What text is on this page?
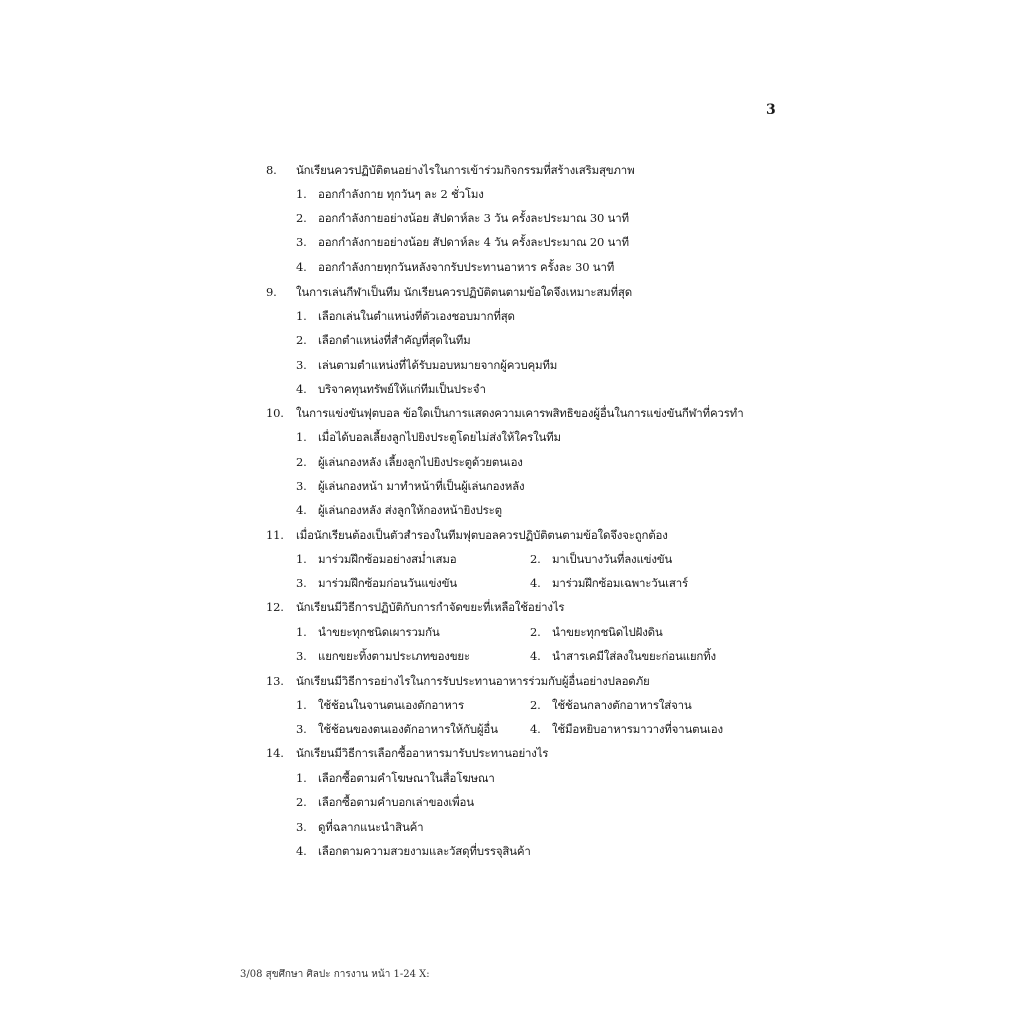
3
8. นักเรียนควรปฏิบัติตนอย่างไรในการเข้าร่วมกิจกรรมที่สร้างเสริมสุขภาพ
1. ออกกำลังกาย ทุกวันๆ ละ 2 ชั่วโมง
2. ออกกำลังกายอย่างน้อย สัปดาห์ละ 3 วัน ครั้งละประมาณ 30 นาที
3. ออกกำลังกายอย่างน้อย สัปดาห์ละ 4 วัน ครั้งละประมาณ 20 นาที
4. ออกกำลังกายทุกวันหลังจากรับประทานอาหาร ครั้งละ 30 นาที
9. ในการเล่นกีฬาเป็นทีม นักเรียนควรปฏิบัติตนตามข้อใดจึงเหมาะสมที่สุด
1. เลือกเล่นในตำแหน่งที่ตัวเองชอบมากที่สุด
2. เลือกตำแหน่งที่สำคัญที่สุดในทีม
3. เล่นตามตำแหน่งที่ได้รับมอบหมายจากผู้ควบคุมทีม
4. บริจาคทุนทรัพย์ให้แก่ทีมเป็นประจำ
10. ในการแข่งขันฟุตบอล ข้อใดเป็นการแสดงความเคารพสิทธิของผู้อื่นในการแข่งขันกีฬาที่ควรทำ
1. เมื่อได้บอลเลี้ยงลูกไปยิงประตูโดยไม่ส่งให้ใครในทีม
2. ผู้เล่นกองหลัง เลี้ยงลูกไปยิงประตูด้วยตนเอง
3. ผู้เล่นกองหน้า มาทำหน้าที่เป็นผู้เล่นกองหลัง
4. ผู้เล่นกองหลัง ส่งลูกให้กองหน้ายิงประตู
11. เมื่อนักเรียนต้องเป็นตัวสำรองในทีมฟุตบอลควรปฏิบัติตนตามข้อใดจึงจะถูกต้อง
1. มาร่วมฝึกซ้อมอย่างสม่ำเสมอ	2. มาเป็นบางวันที่ลงแข่งขัน
3. มาร่วมฝึกซ้อมก่อนวันแข่งขัน	4. มาร่วมฝึกซ้อมเฉพาะวันเสาร์
12. นักเรียนมีวิธีการปฏิบัติกับการกำจัดขยะที่เหลือใช้อย่างไร
1. นำขยะทุกชนิดเผารวมกัน	2. นำขยะทุกชนิดไปฝังดิน
3. แยกขยะทิ้งตามประเภทของขยะ	4. นำสารเคมีใส่ลงในขยะก่อนแยกทิ้ง
13. นักเรียนมีวิธีการอย่างไรในการรับประทานอาหารร่วมกับผู้อื่นอย่างปลอดภัย
1. ใช้ช้อนในจานตนเองตักอาหาร	2. ใช้ช้อนกลางตักอาหารใส่จาน
3. ใช้ช้อนของตนเองตักอาหารให้กับผู้อื่น	4. ใช้มือหยิบอาหารมาวางที่จานตนเอง
14. นักเรียนมีวิธีการเลือกซื้ออาหารมารับประทานอย่างไร
1. เลือกซื้อตามคำโฆษณาในสื่อโฆษณา
2. เลือกซื้อตามคำบอกเล่าของเพื่อน
3. ดูที่ฉลากแนะนำสินค้า
4. เลือกตามความสวยงามและวัสดุที่บรรจุสินค้า
3/08 สุขศึกษา ศิลปะ การงาน หน้า 1-24 X:
